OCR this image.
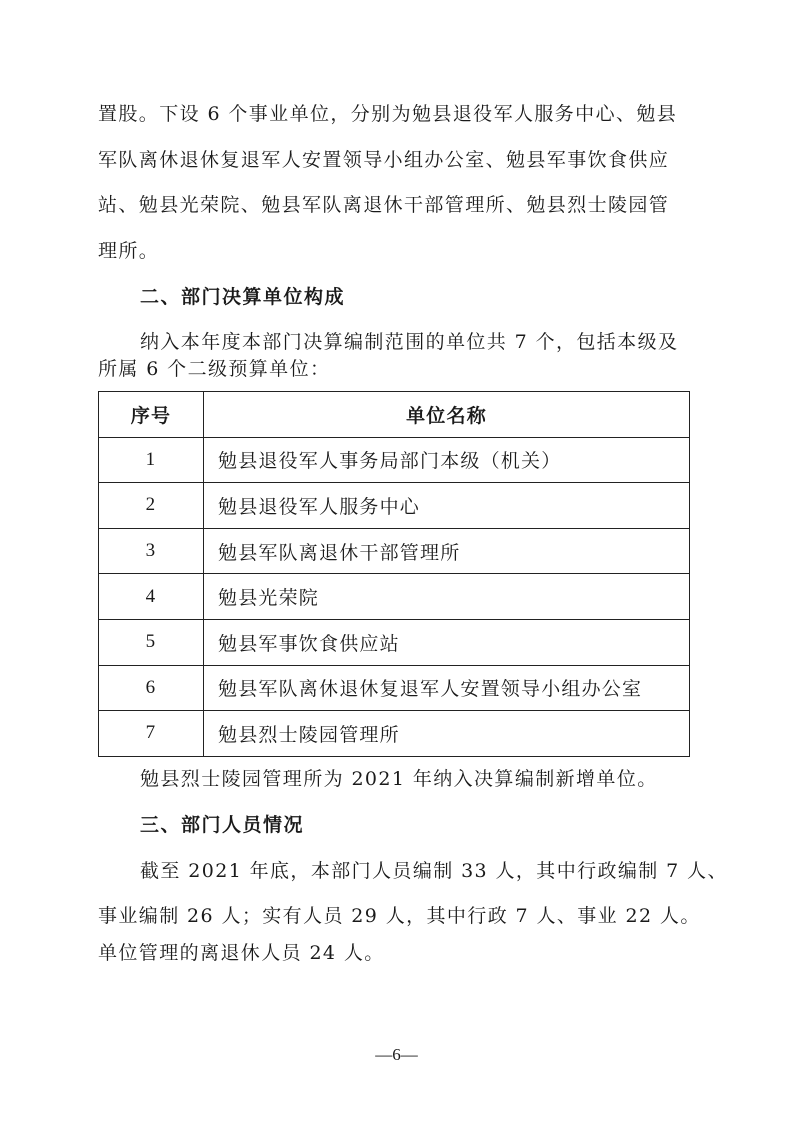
置股。下设 6 个事业单位，分别为勉县退役军人服务中心、勉县
军队离休退休复退军人安置领导小组办公室、勉县军事饮食供应
站、勉县光荣院、勉县军队离退休干部管理所、勉县烈士陵园管
理所。
二、部门决算单位构成
纳入本年度本部门决算编制范围的单位共 7 个，包括本级及
所属 6 个二级预算单位：
序号	单位名称
1	勉县退役军人事务局部门本级（机关）
2	勉县退役军人服务中心
3	勉县军队离退休干部管理所
4	勉县光荣院
5	勉县军事饮食供应站
6	勉县军队离休退休复退军人安置领导小组办公室
7	勉县烈士陵园管理所
勉县烈士陵园管理所为 2021 年纳入决算编制新增单位。
三、部门人员情况
截至 2021 年底，本部门人员编制 33 人，其中行政编制 7 人、
事业编制 26 人；实有人员 29 人，其中行政 7 人、事业 22 人。
单位管理的离退休人员 24 人。
—6—
